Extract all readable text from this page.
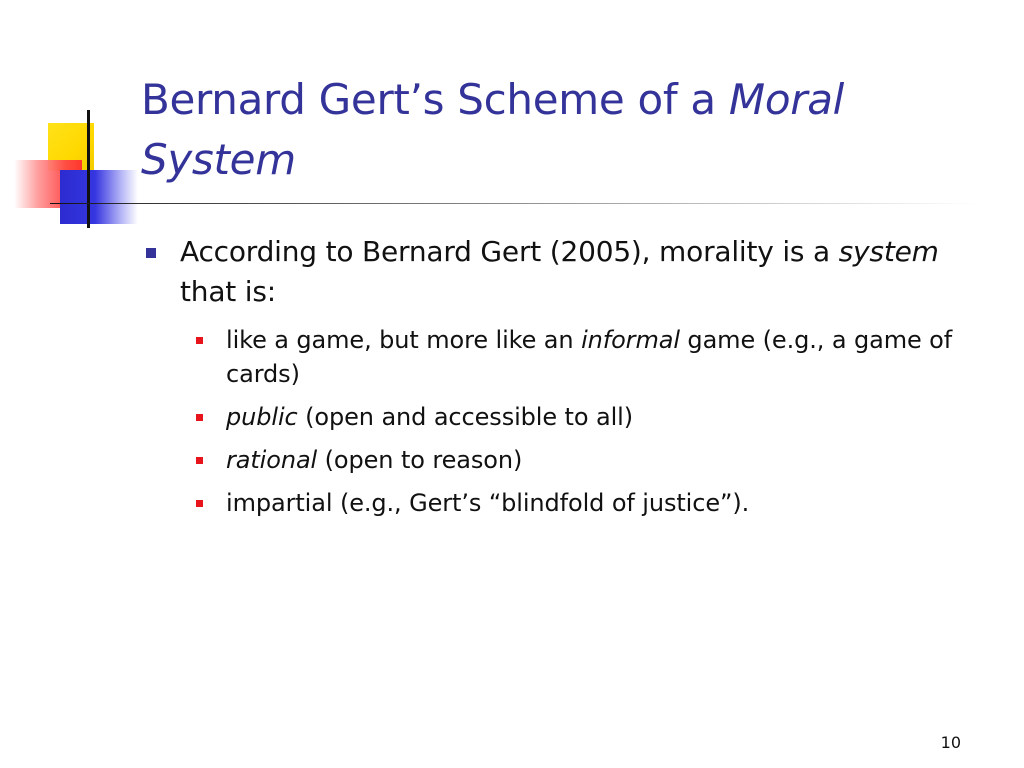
Bernard Gert’s Scheme of a Moral System
According to Bernard Gert (2005), morality is a system that is:
like a game, but more like an informal game (e.g., a game of cards)
public (open and accessible to all)
rational (open to reason)
impartial (e.g., Gert’s “blindfold of justice”).
10
